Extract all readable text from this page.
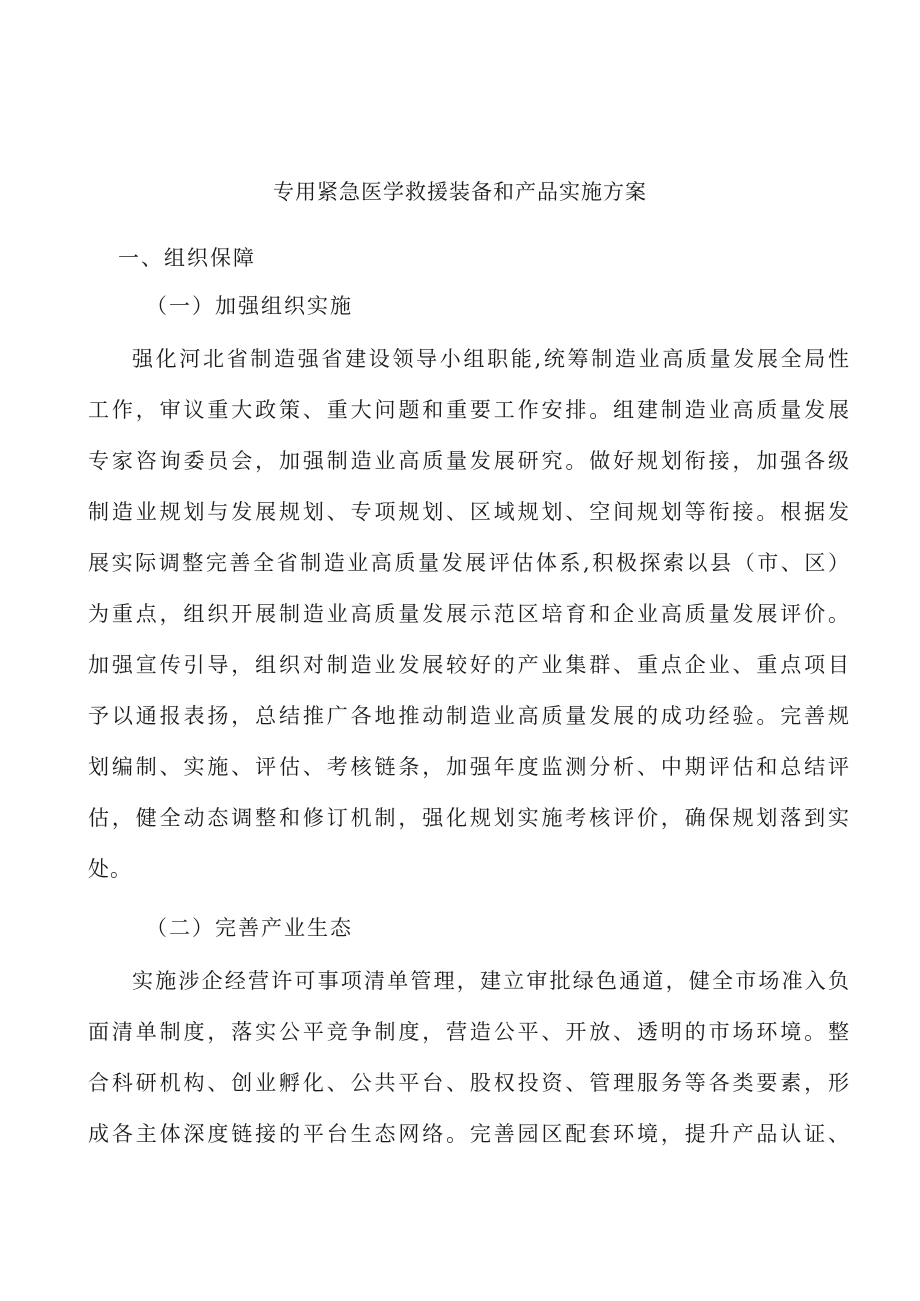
专用紧急医学救援装备和产品实施方案
一、组织保障
（一）加强组织实施
强化河北省制造强省建设领导小组职能,统筹制造业高质量发展全局性
工作，审议重大政策、重大问题和重要工作安排。组建制造业高质量发展
专家咨询委员会，加强制造业高质量发展研究。做好规划衔接，加强各级
制造业规划与发展规划、专项规划、区域规划、空间规划等衔接。根据发
展实际调整完善全省制造业高质量发展评估体系,积极探索以县（市、区）
为重点，组织开展制造业高质量发展示范区培育和企业高质量发展评价。
加强宣传引导，组织对制造业发展较好的产业集群、重点企业、重点项目
予以通报表扬，总结推广各地推动制造业高质量发展的成功经验。完善规
划编制、实施、评估、考核链条，加强年度监测分析、中期评估和总结评
估，健全动态调整和修订机制，强化规划实施考核评价，确保规划落到实
处。
（二）完善产业生态
实施涉企经营许可事项清单管理，建立审批绿色通道，健全市场准入负
面清单制度，落实公平竞争制度，营造公平、开放、透明的市场环境。整
合科研机构、创业孵化、公共平台、股权投资、管理服务等各类要素，形
成各主体深度链接的平台生态网络。完善园区配套环境，提升产品认证、
